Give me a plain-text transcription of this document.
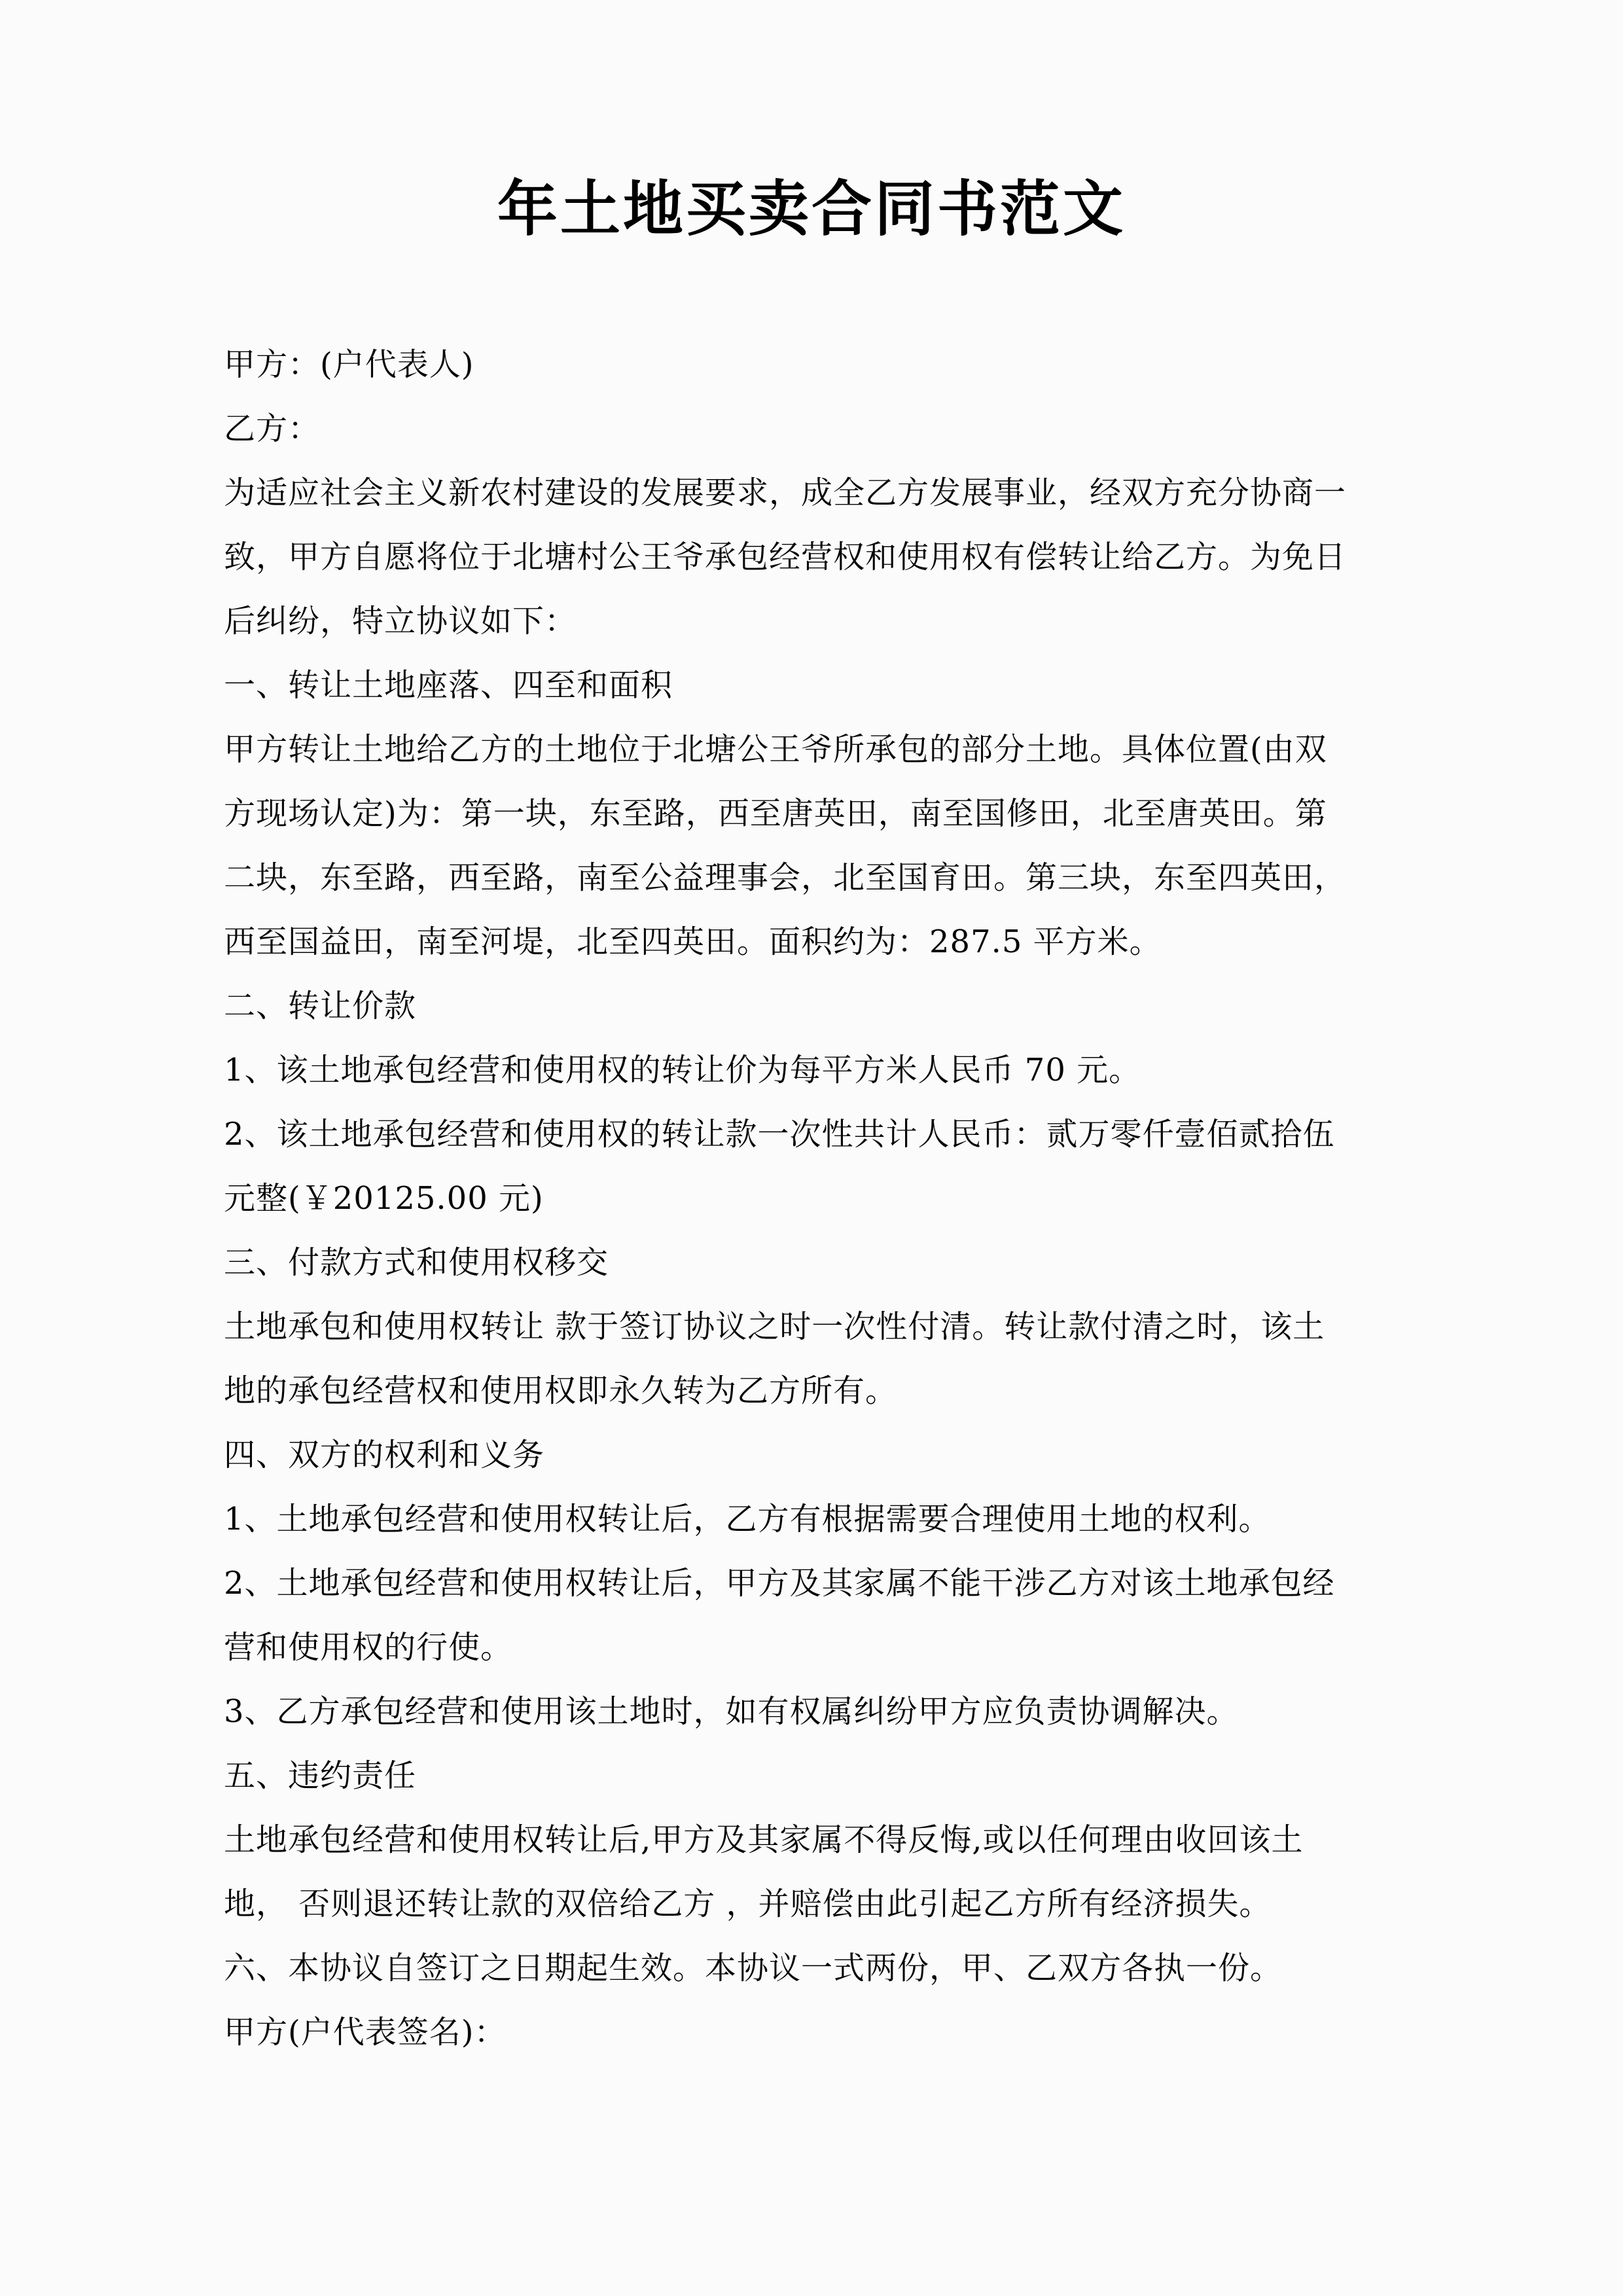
年土地买卖合同书范文

甲方：(户代表人)

乙方：

为适应社会主义新农村建设的发展要求，成全乙方发展事业，经双方充分协商一

致，甲方自愿将位于北塘村公王爷承包经营权和使用权有偿转让给乙方。为免日

后纠纷，特立协议如下：

一、转让土地座落、四至和面积

甲方转让土地给乙方的土地位于北塘公王爷所承包的部分土地。具体位置(由双

方现场认定)为：第一块，东至路，西至唐英田，南至国修田，北至唐英田。第

二块，东至路，西至路，南至公益理事会，北至国育田。第三块，东至四英田，

西至国益田，南至河堤，北至四英田。面积约为：287.5 平方米。

二、转让价款

1、该土地承包经营和使用权的转让价为每平方米人民币 70 元。

2、该土地承包经营和使用权的转让款一次性共计人民币：贰万零仟壹佰贰拾伍

元整(￥20125.00 元)

三、付款方式和使用权移交

土地承包和使用权转让 款于签订协议之时一次性付清。转让款付清之时，该土

地的承包经营权和使用权即永久转为乙方所有。

四、双方的权利和义务

1、土地承包经营和使用权转让后，乙方有根据需要合理使用土地的权利。

2、土地承包经营和使用权转让后，甲方及其家属不能干涉乙方对该土地承包经

营和使用权的行使。

3、乙方承包经营和使用该土地时，如有权属纠纷甲方应负责协调解决。

五、违约责任

土地承包经营和使用权转让后,甲方及其家属不得反悔,或以任何理由收回该土

地， 否则退还转让款的双倍给乙方 ，并赔偿由此引起乙方所有经济损失。

六、本协议自签订之日期起生效。本协议一式两份，甲、乙双方各执一份。

甲方(户代表签名)：
